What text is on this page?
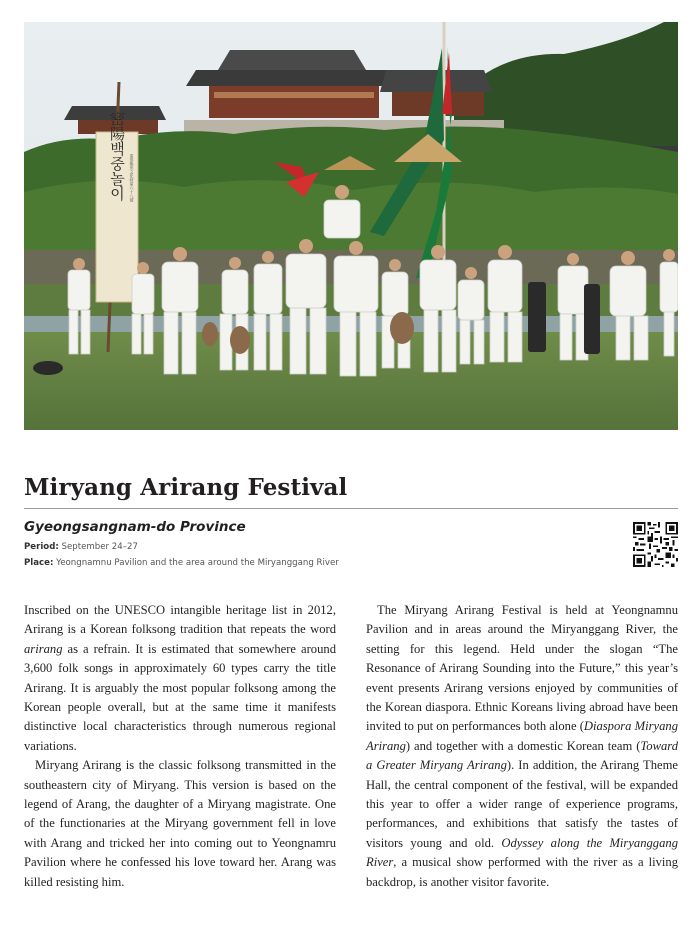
密陽백중놀이 重要無形文化財第六十八號
Miryang Arirang Festival
Gyeongsangnam-do Province
Period: September 24–27
Place: Yeongnamnu Pavilion and the area around the Miryanggang River

Inscribed on the UNESCO intangible heritage list in 2012, Arirang is a Korean folksong tradition that repeats the word arirang as a refrain. It is estimated that somewhere around 3,600 folk songs in approximately 60 types carry the title Arirang. It is arguably the most popular folksong among the Korean people overall, but at the same time it manifests distinctive local characteristics through numerous regional variations.

Miryang Arirang is the classic folksong transmitted in the southeastern city of Miryang. This version is based on the legend of Arang, the daughter of a Miryang magistrate. One of the functionaries at the Miryang government fell in love with Arang and tricked her into coming out to Yeongnamru Pavilion where he confessed his love toward her. Arang was killed resisting him.

The Miryang Arirang Festival is held at Yeongnamnu Pavilion and in areas around the Miryanggang River, the setting for this legend. Held under the slogan “The Resonance of Arirang Sounding into the Future,” this year’s event presents Arirang versions enjoyed by communities of the Korean diaspora. Ethnic Koreans living abroad have been invited to put on performances both alone (Diaspora Miryang Arirang) and together with a domestic Korean team (Toward a Greater Miryang Arirang). In addition, the Arirang Theme Hall, the central component of the festival, will be expanded this year to offer a wider range of experience programs, performances, and exhibitions that satisfy the tastes of visitors young and old. Odyssey along the Miryanggang River, a musical show performed with the river as a living backdrop, is another visitor favorite.
